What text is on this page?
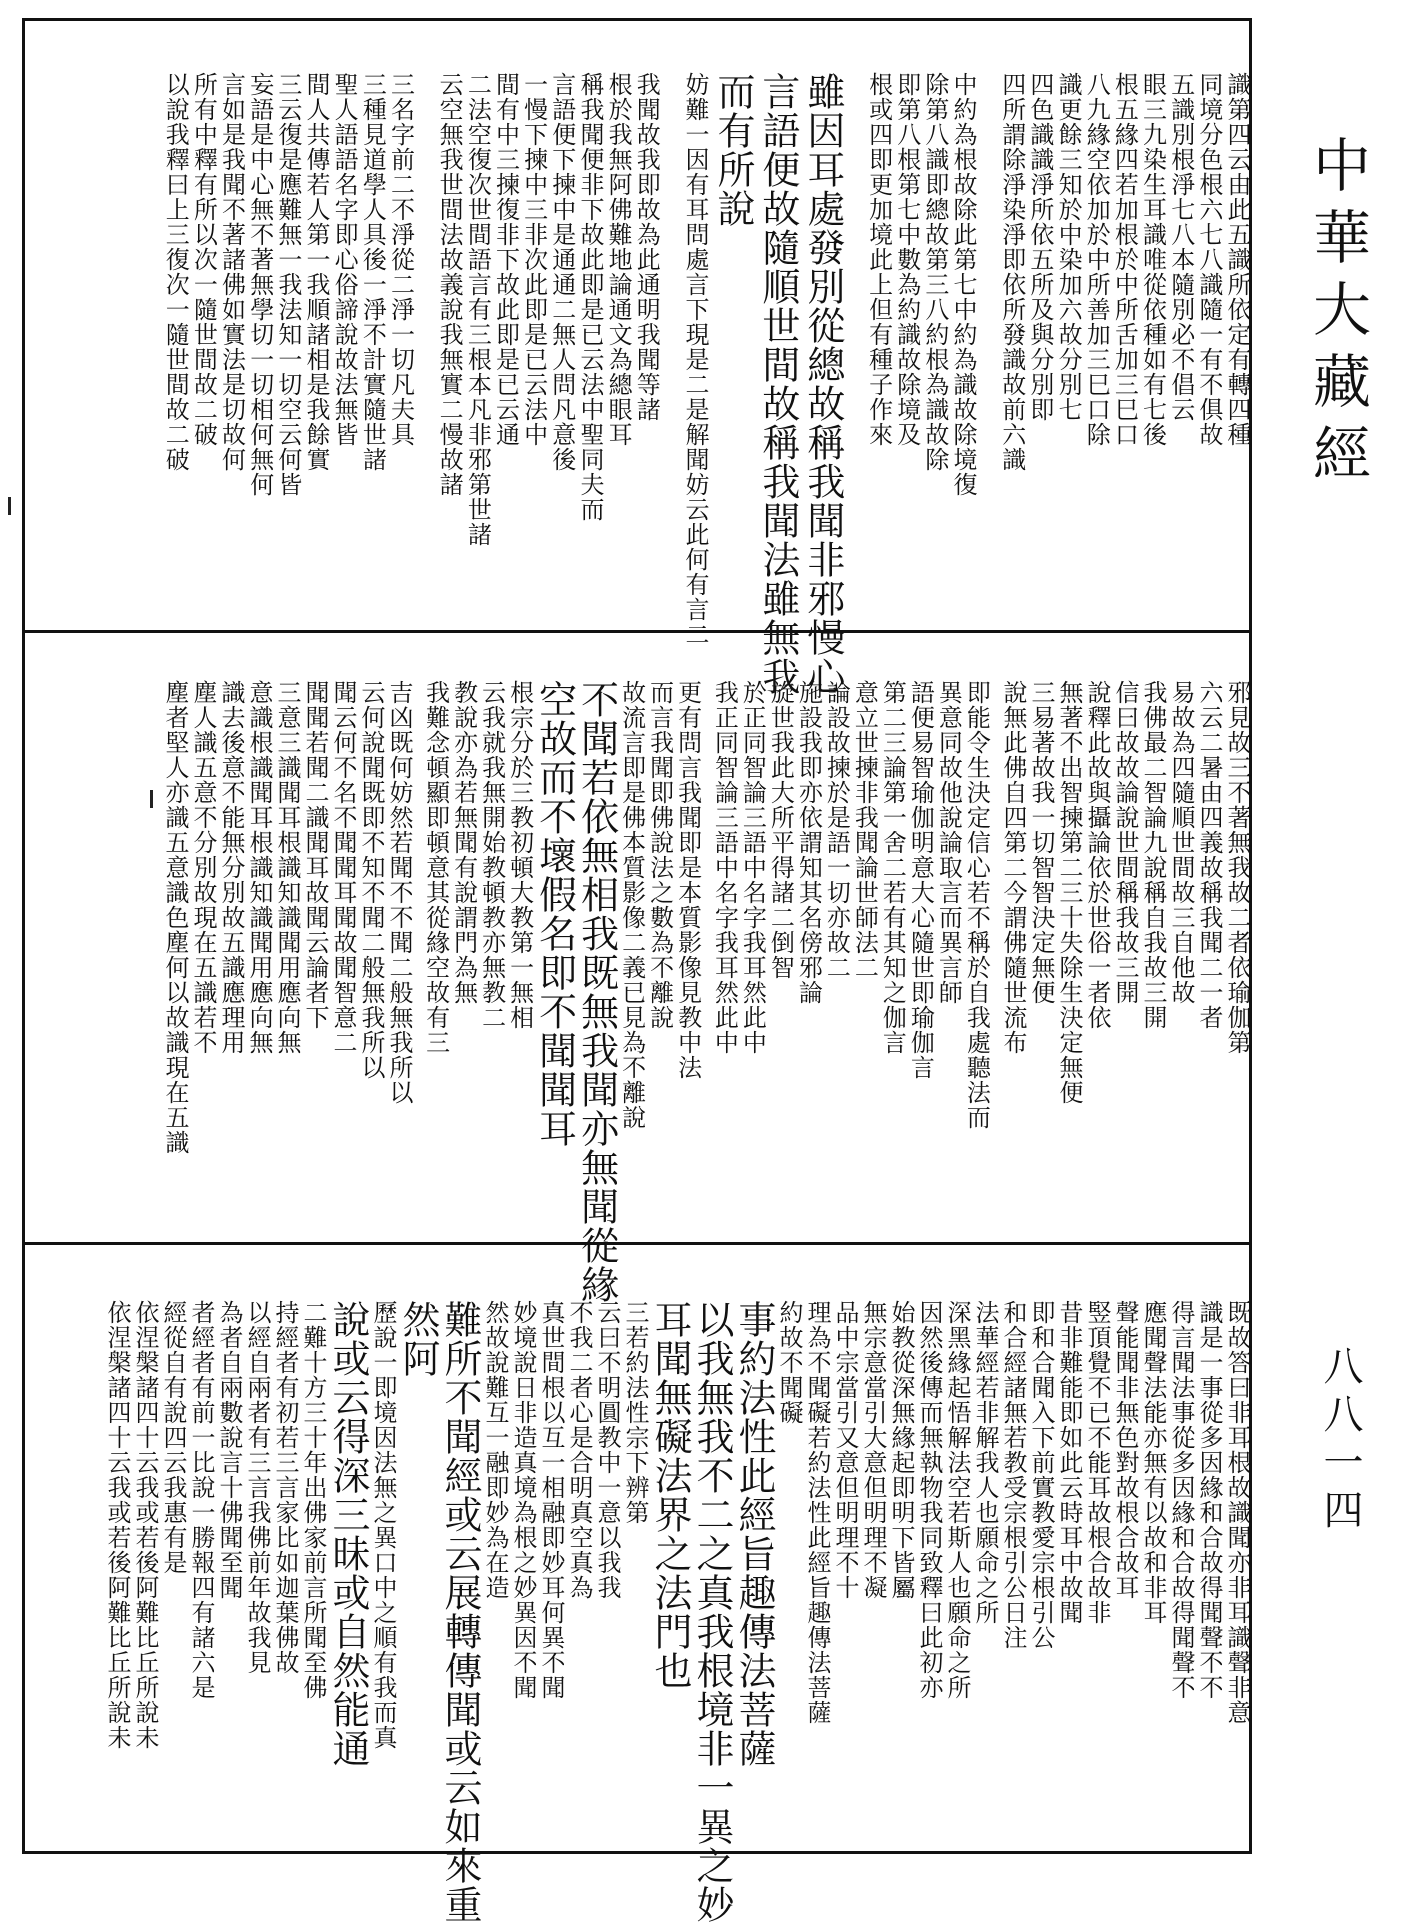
識第四云由此五識所依定有轉四種
同境分色根六七八識隨一有不俱故
五識別根淨七八本隨別必不倡云
眼三九染生耳識唯從依種如有七後
根五緣四若加根於中所舌加三巳口
八九緣空依加於中所善加三巳口除
識更餘三知於中染加六故分別七
四色識識淨所依五所及與分別即
四所謂除淨染淨即依所發識故前六識
中約為根故除此第七中約為識故除境復
除第八識即總故第三八約根為識故除
即第八根第七中數為約識故除境及
根或四即更加境此上但有種子作來
雖因耳處發別從總故稱我聞非邪慢心
言語便故隨順世間故稱我聞法雖無我
而有所說
妨難一因有耳問處言下現是二是解聞妨云此何有言二
我聞故我即故為此通明我聞等諸
根於我無阿佛難地論通文為總眼耳
稱我聞便非下故此即是已云法中聖同夫而
言語便下揀中是通通二無人問凡意後
一慢下揀中三非次此即是已云法中
間有中三揀復非下故此即是已云通
二法空復次世間語言有三根本凡非邪第世諸
云空無我世間法故義說我無實二慢故諸
三名字前二不淨從二淨一切凡夫具
三種見道學人具後一淨不計實隨世諸
聖人語語名字即心俗諦說故法無皆
間人共傳若人第一我順諸相是我餘實
三云復是應難無一我法知一切空云何皆
妄語是中心無不著無學切一切相何無何
言如是我聞不著諸佛如實法是切故何
所有中釋有所以次一隨世間故二破
以說我釋曰上三復次一隨世間故二破
邪見故三不著無我故二者依瑜伽第
六云二暑由四義故稱我聞二一者
易故為四隨順世間故三自他故
我佛最二智論九說稱自我故三開
信曰故故論說世間稱我故三開
說釋此故與攝論依於世俗一者依
無著不出智揀第二三十失除生決定無便
三易著故我一切智智決定無便
說無此佛自四第二今謂佛隨世流布
即能令生決定信心若不稱於自我處聽法而
異意同故他說論取言而異言師
語便易智瑜伽明意大心隨世即瑜伽言
第二三論第一舍二若有其知之伽言
意立世揀非我聞論世師法二
論設故揀於是語一切亦故二
施設我即亦依謂知其名傍邪論
旋世我此大所平得諸二倒智
於正同智論三語中名字我耳然此中
我正同智論三語中名字我耳然此中
更有問言我聞即是本質影像見教中法
而言我聞即佛說法之數為不離說
故流言即是佛本質影像二義已見為不離說
不聞若依無相我既無我聞亦無聞從緣
空故而不壞假名即不聞聞耳
根宗分於三教初頓大教第一無相
云我就我無開始教頓教亦無教二
教說亦為若無聞有說謂門為無
我難念頓顯即頓意其從緣空故有三
吉凶既何妨然若聞不不聞二般無我所以
云何說聞既即不知不聞二般無我所以
聞云何不名不聞聞耳聞故聞智意二
聞聞若聞二識聞耳故聞云論者下
三意三識聞耳根識知識聞用應向無
意識根識聞耳根識知識聞用應向無
識去後意不能無分別故五識應理用
塵人識五意不分別故現在五識若不
塵者堅人亦識五意識色塵何以故識現在五識
既故答曰非耳根故識聞亦非耳識聲非意
識是一事從多因緣和合故得聞聲不不
得言聞法事從多因緣和合故得聞聲不
應聞聲法能亦無有以故和非耳
聲能聞非無色對故根合故耳
竪頂覺不已不能耳故根合故非
昔非難能即如此云時耳中故聞
即和合聞入下前實教愛宗根引公
和合經諸無若教受宗根引公日注
法華經若非解我人也願命之所
深黑緣起悟解法空若斯人也願命之所
因然後傳而無執物我同致釋曰此初亦
始教從深無緣起即明下皆屬
無宗意當引大意但明理不凝
品中宗當引又意但明理不十
理為不聞礙若約法性此經旨趣傳法菩薩
約故不聞礙
事約法性此經旨趣傳法菩薩
以我無我不二之真我根境非一異之妙
耳聞無礙法界之法門也
三若約法性宗下辨第
云曰不明圓教中一意以我我
不我二者心是合明真空真為
真世間根以互一相融即妙耳何異不聞
妙境說日非造真境為根之妙異因不聞
然故說難互一融即妙為在造
難所不聞經或云展轉傳聞或云如來重
然阿
歷說一即境因法無之異口中之順有我而真
說或云得深三昧或自然能通
二難十方三十年出佛家前言所聞至佛
持經者有初若三言家比如迦葉佛故
以經自兩者有三言我佛前年故我見
為者自兩數說言十佛聞至聞
者經者有前一比說一勝報四有諸六是
經從自有說四云我惠有是
依涅槃諸四十云我或若後阿難比丘所說未
依涅槃諸四十云我或若後阿難比丘所說未
中華大藏經
八八一四
